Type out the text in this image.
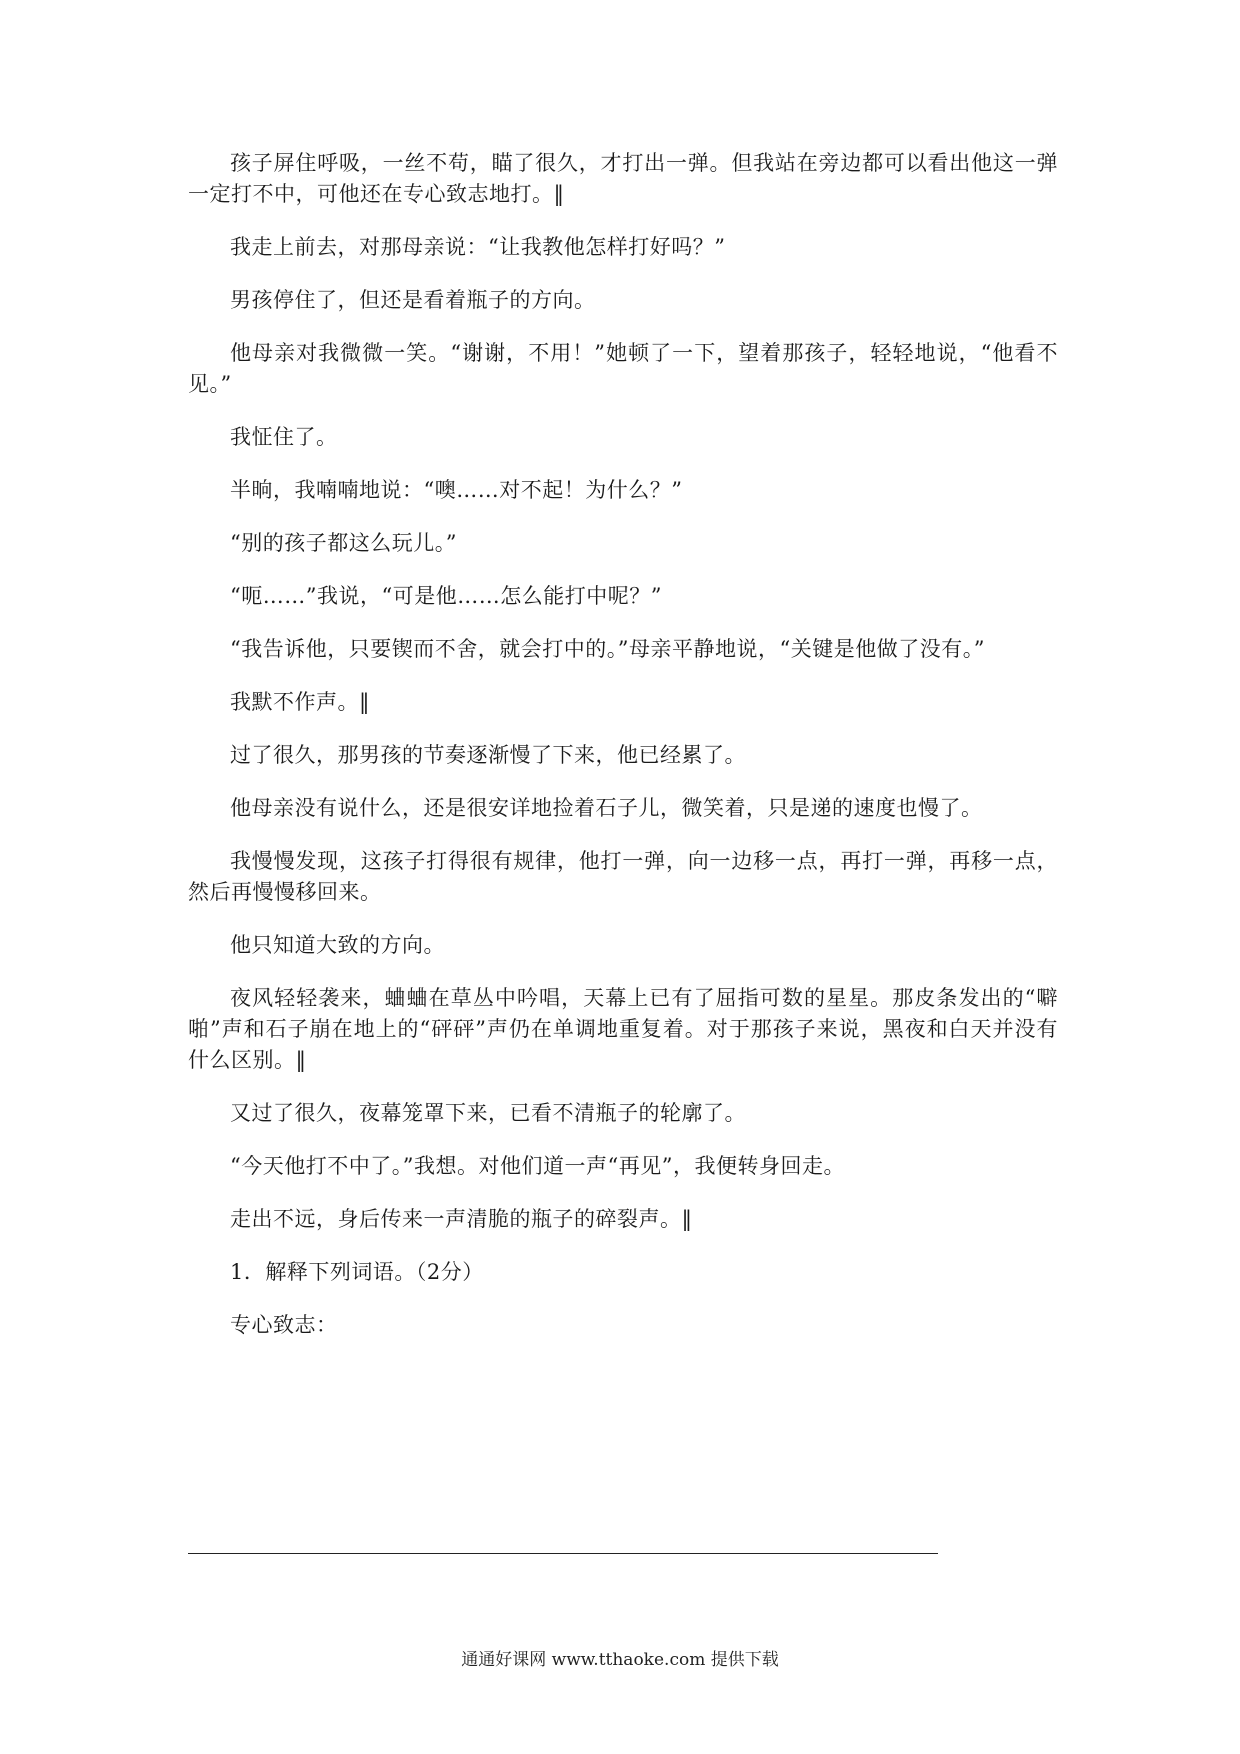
孩子屏住呼吸，一丝不苟，瞄了很久，才打出一弹。但我站在旁边都可以看出他这一弹一定打不中，可他还在专心致志地打。‖

我走上前去，对那母亲说：“让我教他怎样打好吗？”

男孩停住了，但还是看着瓶子的方向。

他母亲对我微微一笑。“谢谢，不用！”她顿了一下，望着那孩子，轻轻地说，“他看不见。”

我怔住了。

半晌，我喃喃地说：“噢……对不起！为什么？”

“别的孩子都这么玩儿。”

“呃……”我说，“可是他……怎么能打中呢？”

“我告诉他，只要锲而不舍，就会打中的。”母亲平静地说，“关键是他做了没有。”

我默不作声。‖

过了很久，那男孩的节奏逐渐慢了下来，他已经累了。

他母亲没有说什么，还是很安详地捡着石子儿，微笑着，只是递的速度也慢了。

我慢慢发现，这孩子打得很有规律，他打一弹，向一边移一点，再打一弹，再移一点，然后再慢慢移回来。

他只知道大致的方向。

夜风轻轻袭来，蛐蛐在草丛中吟唱，天幕上已有了屈指可数的星星。那皮条发出的“噼啪”声和石子崩在地上的“砰砰”声仍在单调地重复着。对于那孩子来说，黑夜和白天并没有什么区别。‖

又过了很久，夜幕笼罩下来，已看不清瓶子的轮廓了。

“今天他打不中了。”我想。对他们道一声“再见”，我便转身回走。

走出不远，身后传来一声清脆的瓶子的碎裂声。‖

1．解释下列词语。（2分）

专心致志：

通通好课网 www.tthaoke.com 提供下载
